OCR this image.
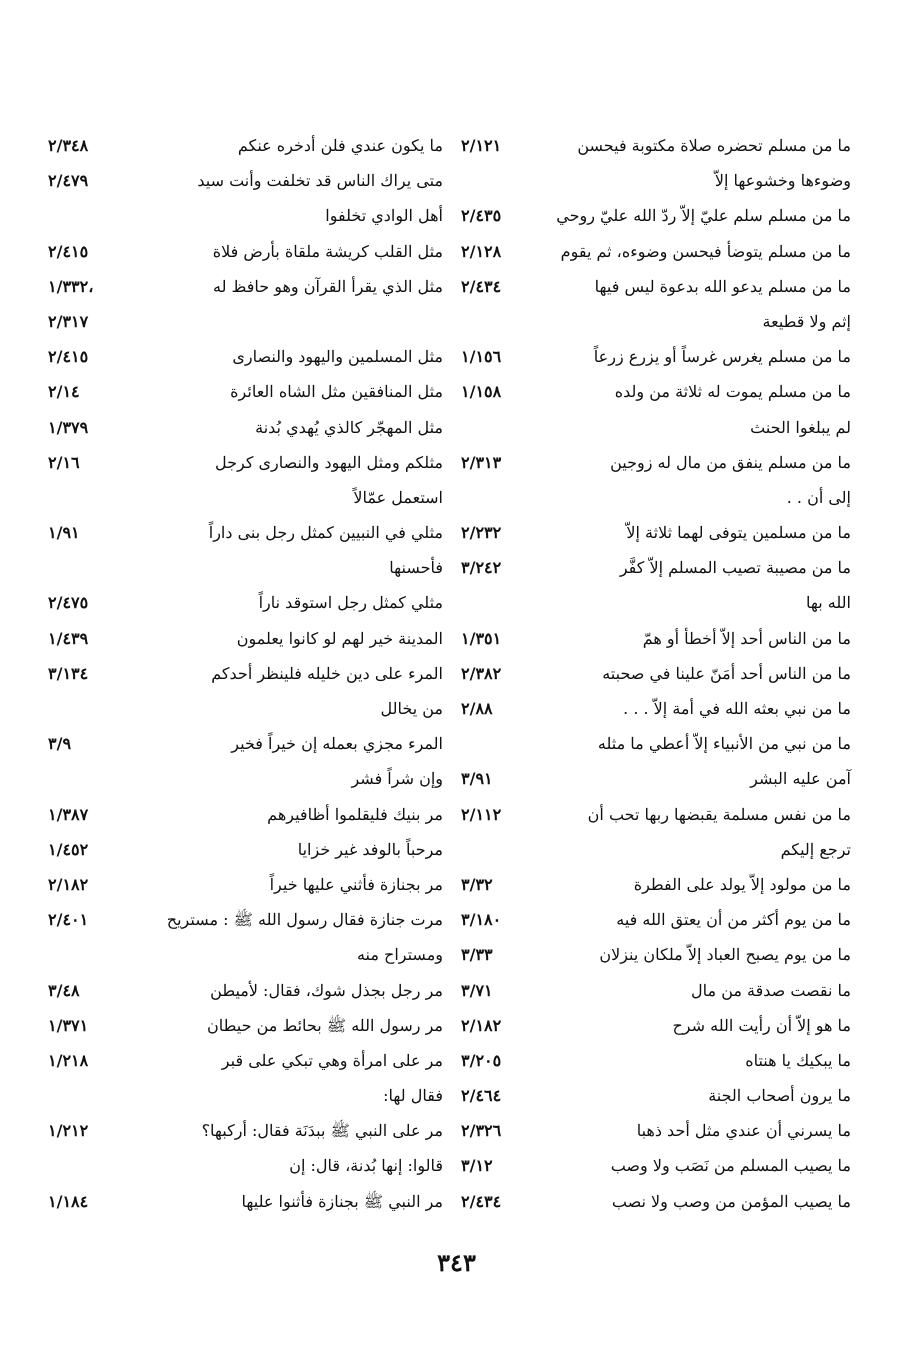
ما من مسلم تحضره صلاة مكتوبة فيحسن
٢/١٢١
وضوءها وخشوعها إلاّ
ما من مسلم سلم عليّ إلاّ ردّ الله عليّ روحي
٢/٤٣٥
ما من مسلم يتوضأ فيحسن وضوءه، ثم يقوم
٢/١٢٨
ما من مسلم يدعو الله بدعوة ليس فيها
٢/٤٣٤
إثم ولا قطيعة
ما من مسلم يغرس غرساً أو يزرع زرعاً
١/١٥٦
ما من مسلم يموت له ثلاثة من ولده
١/١٥٨
لم يبلغوا الحنث
ما من مسلم ينفق من مال له زوجين
٢/٣١٣
إلى أن . .
ما من مسلمين يتوفى لهما ثلاثة إلاّ
٢/٢٣٢
ما من مصيبة تصيب المسلم إلاّ كفَّر
٣/٢٤٢
الله بها
ما من الناس أحد إلاّ أخطأ أو همّ
١/٣٥١
ما من الناس أحد أمَنّ علينا في صحبته
٢/٣٨٢
ما من نبي بعثه الله في أمة إلاّ . . .
٢/٨٨
ما من نبي من الأنبياء إلاّ أعطي ما مثله
آمن عليه البشر
٣/٩١
ما من نفس مسلمة يقبضها ربها تحب أن
٢/١١٢
ترجع إليكم
ما من مولود إلاّ يولد على الفطرة
٣/٣٢
ما من يوم أكثر من أن يعتق الله فيه
٣/١٨٠
ما من يوم يصبح العباد إلاّ ملكان ينزلان
٣/٣٣
ما نقصت صدقة من مال
٣/٧١
ما هو إلاّ أن رأيت الله شرح
٢/١٨٢
ما يبكيك يا هنتاه
٣/٢٠٥
ما يرون أصحاب الجنة
٢/٤٦٤
ما يسرني أن عندي مثل أحد ذهبا
٢/٣٢٦
ما يصيب المسلم من نَصَب ولا وصب
٣/١٢
ما يصيب المؤمن من وصب ولا نصب
٢/٤٣٤
ما يكون عندي فلن أدخره عنكم
٢/٣٤٨
متى يراك الناس قد تخلفت وأنت سيد
٢/٤٧٩
أهل الوادي تخلفوا
مثل القلب كريشة ملقاة بأرض فلاة
٢/٤١٥
مثل الذي يقرأ القرآن وهو حافظ له
١/٣٣٢،
٢/٣١٧
مثل المسلمين واليهود والنصارى
٢/٤١٥
مثل المنافقين مثل الشاه العائرة
٢/١٤
مثل المهجّر كالذي يُهدي بُدنة
١/٣٧٩
مثلكم ومثل اليهود والنصارى كرجل
٢/١٦
استعمل عمّالاً
مثلي في النبيين كمثل رجل بنى داراً
١/٩١
فأحسنها
مثلي كمثل رجل استوقد ناراً
٢/٤٧٥
المدينة خير لهم لو كانوا يعلمون
١/٤٣٩
المرء على دين خليله فلينظر أحدكم
٣/١٣٤
من يخالل
المرء مجزي بعمله إن خيراً فخير
٣/٩
وإن شراً فشر
مر بنيك فليقلموا أظافيرهم
١/٣٨٧
مرحباً بالوفد غير خزايا
١/٤٥٢
مر بجنازة فأثني عليها خيراً
٢/١٨٢
مرت جنازة فقال رسول الله ﷺ : مستريح
٢/٤٠١
ومستراح منه
مر رجل بجذل شوك، فقال: لأميطن
٣/٤٨
مر رسول الله ﷺ بحائط من حيطان
١/٣٧١
مر على امرأة وهي تبكي على قبر
١/٢١٨
فقال لها:
مر على النبي ﷺ ببدَنَة فقال: أركبها؟
١/٢١٢
قالوا: إنها بُدنة، قال: إن
مر النبي ﷺ بجنازة فأثنوا عليها
١/١٨٤
٣٤٣
